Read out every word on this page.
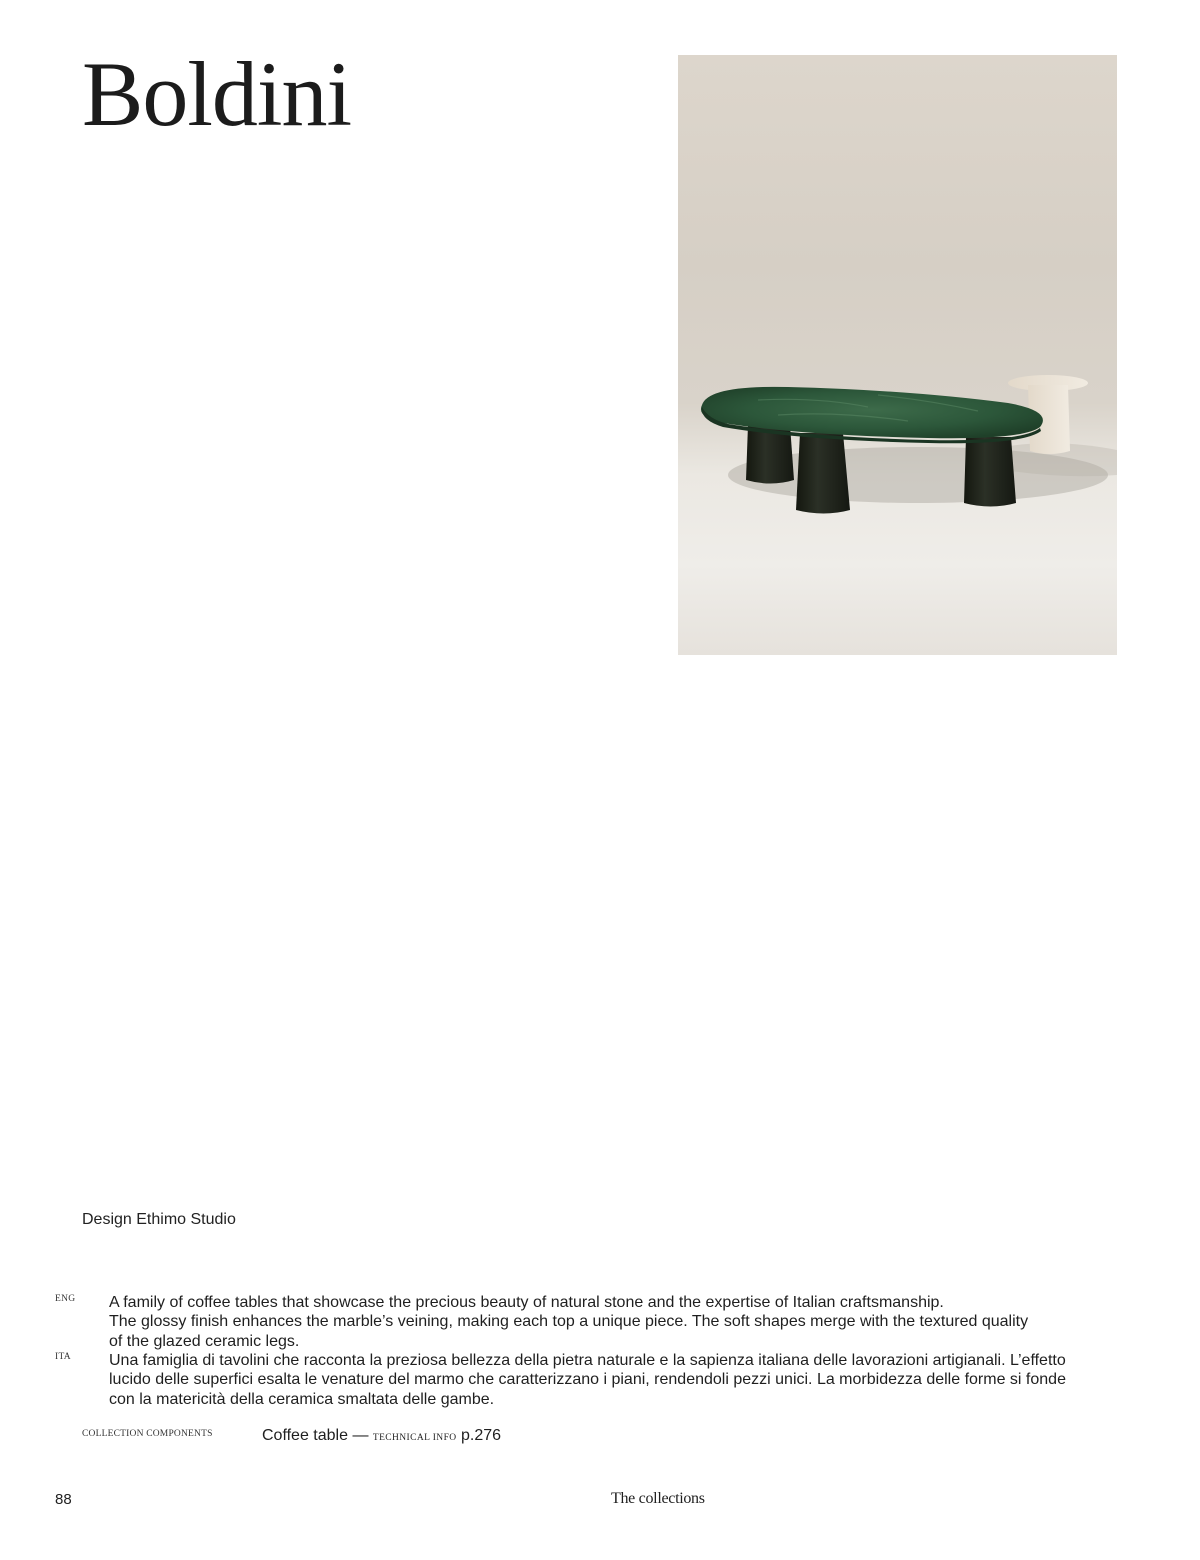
Boldini
Design Ethimo Studio
ENG A family of coffee tables that showcase the precious beauty of natural stone and the expertise of Italian craftsmanship.

The glossy finish enhances the marble’s veining, making each top a unique piece. The soft shapes merge with the textured quality

of the glazed ceramic legs.

ITA Una famiglia di tavolini che racconta la preziosa bellezza della pietra naturale e la sapienza italiana delle lavorazioni artigianali. L’effetto

lucido delle superfici esalta le venature del marmo che caratterizzano i piani, rendendoli pezzi unici. La morbidezza delle forme si fonde

con la matericità della ceramica smaltata delle gambe.

COLLECTION COMPONENTS	Coffee table — TECHNICAL INFO p.276
88	The collections
